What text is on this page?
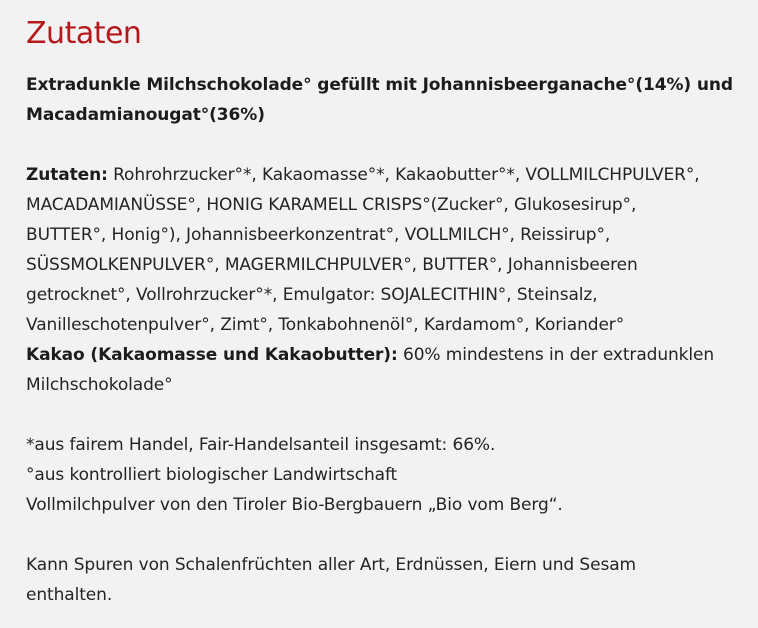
Zutaten

Extradunkle Milchschokolade° gefüllt mit Johannisbeerganache°(14%) und
Macadamianougat°(36%)

Zutaten: Rohrohrzucker°*, Kakaomasse°*, Kakaobutter°*, VOLLMILCHPULVER°,
MACADAMIANÜSSE°, HONIG KARAMELL CRISPS°(Zucker°, Glukosesirup°,
BUTTER°, Honig°), Johannisbeerkonzentrat°, VOLLMILCH°, Reissirup°,
SÜSSMOLKENPULVER°, MAGERMILCHPULVER°, BUTTER°, Johannisbeeren
getrocknet°, Vollrohrzucker°*, Emulgator: SOJALECITHIN°, Steinsalz,
Vanilleschotenpulver°, Zimt°, Tonkabohnenöl°, Kardamom°, Koriander°
Kakao (Kakaomasse und Kakaobutter): 60% mindestens in der extradunklen
Milchschokolade°

*aus fairem Handel, Fair-Handelsanteil insgesamt: 66%.
°aus kontrolliert biologischer Landwirtschaft
Vollmilchpulver von den Tiroler Bio-Bergbauern „Bio vom Berg“.

Kann Spuren von Schalenfrüchten aller Art, Erdnüssen, Eiern und Sesam
enthalten.
